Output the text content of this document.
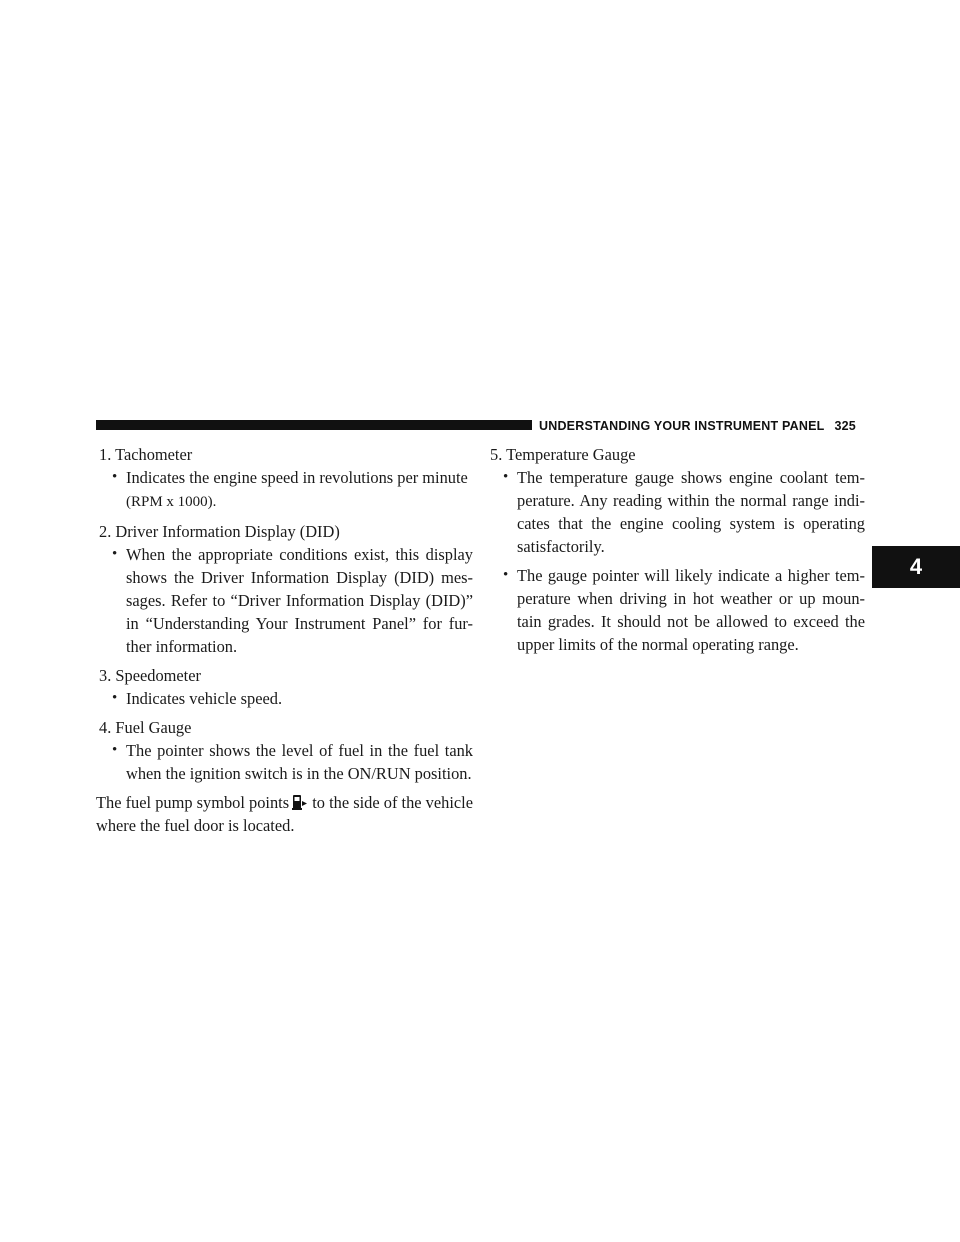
UNDERSTANDING YOUR INSTRUMENT PANEL 325
4

1. Tachometer

• Indicates the engine speed in revolutions per minute
(RPM x 1000).

2. Driver Information Display (DID)

• When the appropriate conditions exist, this display shows the Driver Information Display (DID) mes- sages. Refer to “Driver Information Display (DID)” in “Understanding Your Instrument Panel” for fur- ther information.

3. Speedometer

• Indicates vehicle speed.

4. Fuel Gauge

• The pointer shows the level of fuel in the fuel tank when the ignition switch is in the ON/RUN position.

The fuel pump symbol points to the side of the vehicle where the fuel door is located.

5. Temperature Gauge

• The temperature gauge shows engine coolant tem- perature. Any reading within the normal range indi- cates that the engine cooling system is operating satisfactorily.

• The gauge pointer will likely indicate a higher tem- perature when driving in hot weather or up moun- tain grades. It should not be allowed to exceed the upper limits of the normal operating range.
